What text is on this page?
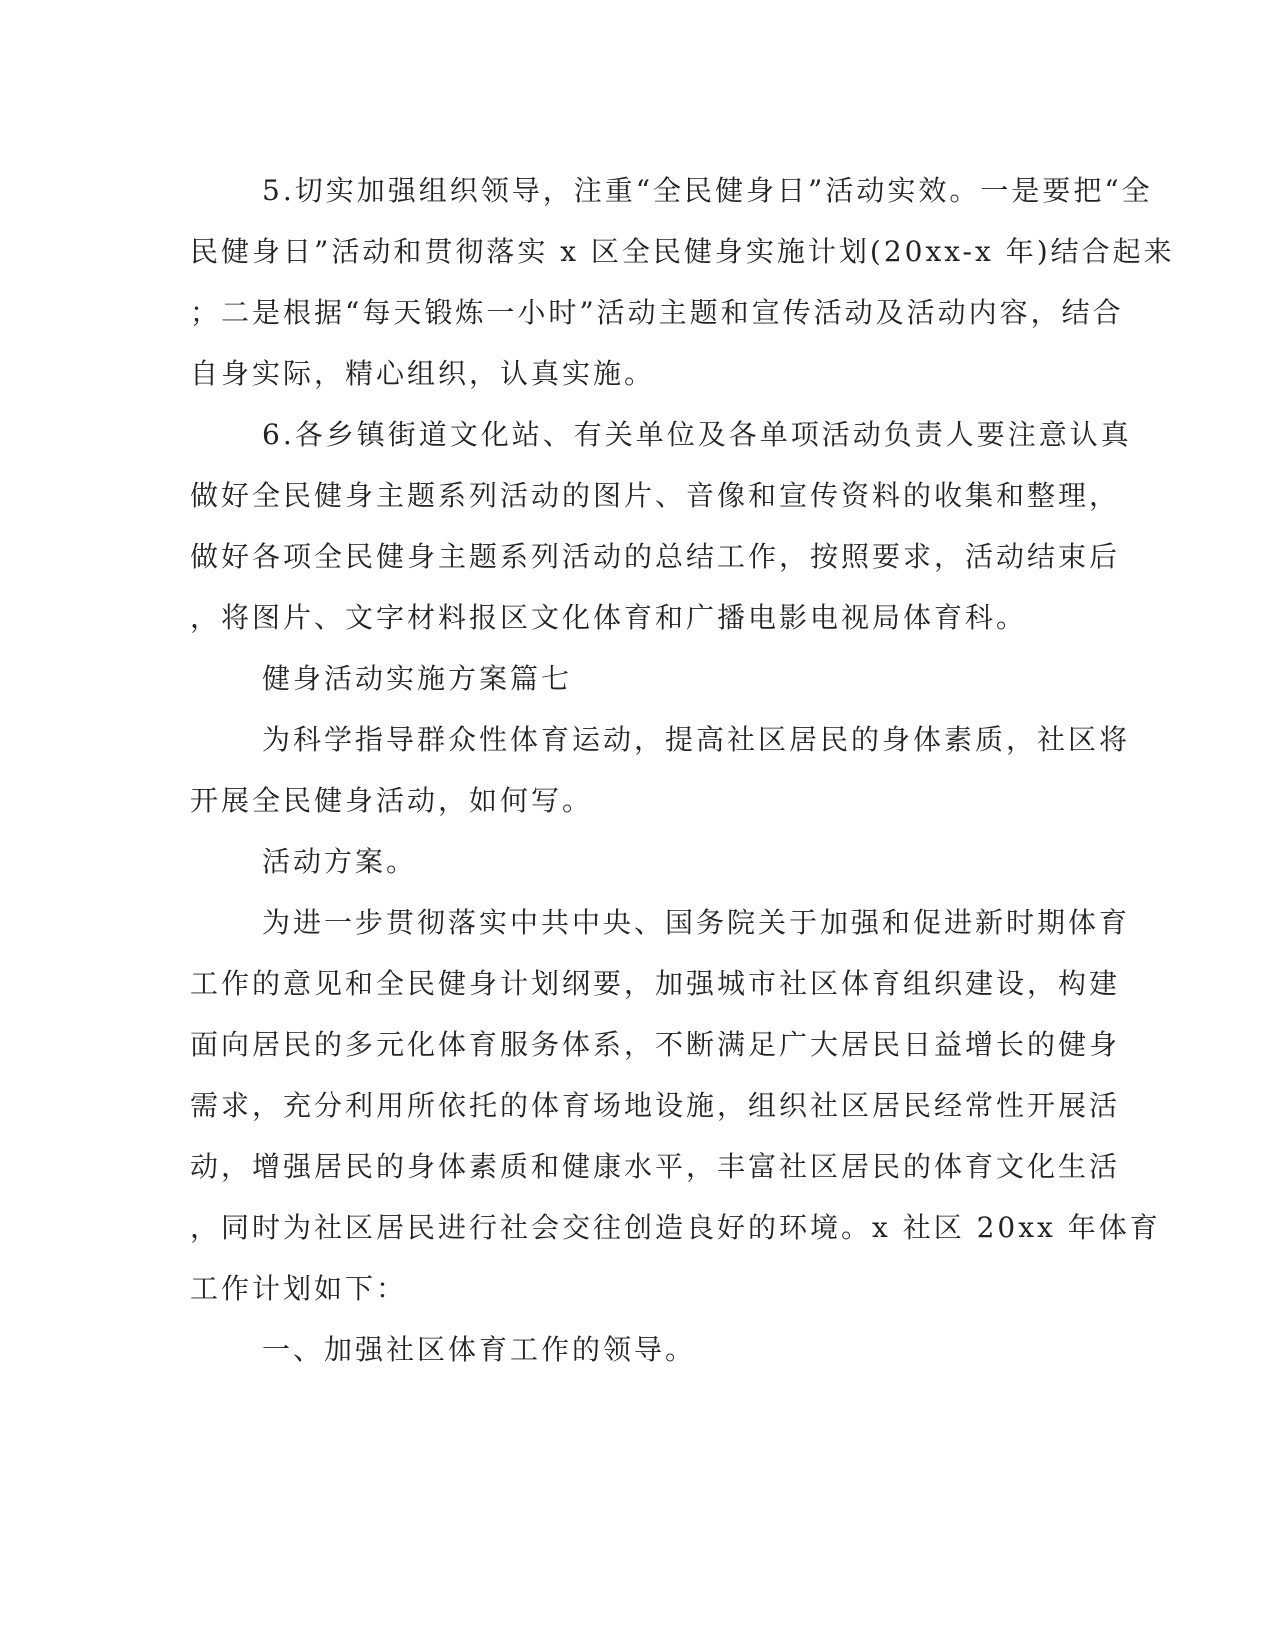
5.切实加强组织领导，注重“全民健身日”活动实效。一是要把“全
民健身日”活动和贯彻落实 x 区全民健身实施计划(20xx-x 年)结合起来
；二是根据“每天锻炼一小时”活动主题和宣传活动及活动内容，结合
自身实际，精心组织，认真实施。
6.各乡镇街道文化站、有关单位及各单项活动负责人要注意认真
做好全民健身主题系列活动的图片、音像和宣传资料的收集和整理，
做好各项全民健身主题系列活动的总结工作，按照要求，活动结束后
，将图片、文字材料报区文化体育和广播电影电视局体育科。
健身活动实施方案篇七
为科学指导群众性体育运动，提高社区居民的身体素质，社区将
开展全民健身活动，如何写。
活动方案。
为进一步贯彻落实中共中央、国务院关于加强和促进新时期体育
工作的意见和全民健身计划纲要，加强城市社区体育组织建设，构建
面向居民的多元化体育服务体系，不断满足广大居民日益增长的健身
需求，充分利用所依托的体育场地设施，组织社区居民经常性开展活
动，增强居民的身体素质和健康水平，丰富社区居民的体育文化生活
，同时为社区居民进行社会交往创造良好的环境。x 社区 20xx 年体育
工作计划如下：
一、加强社区体育工作的领导。
